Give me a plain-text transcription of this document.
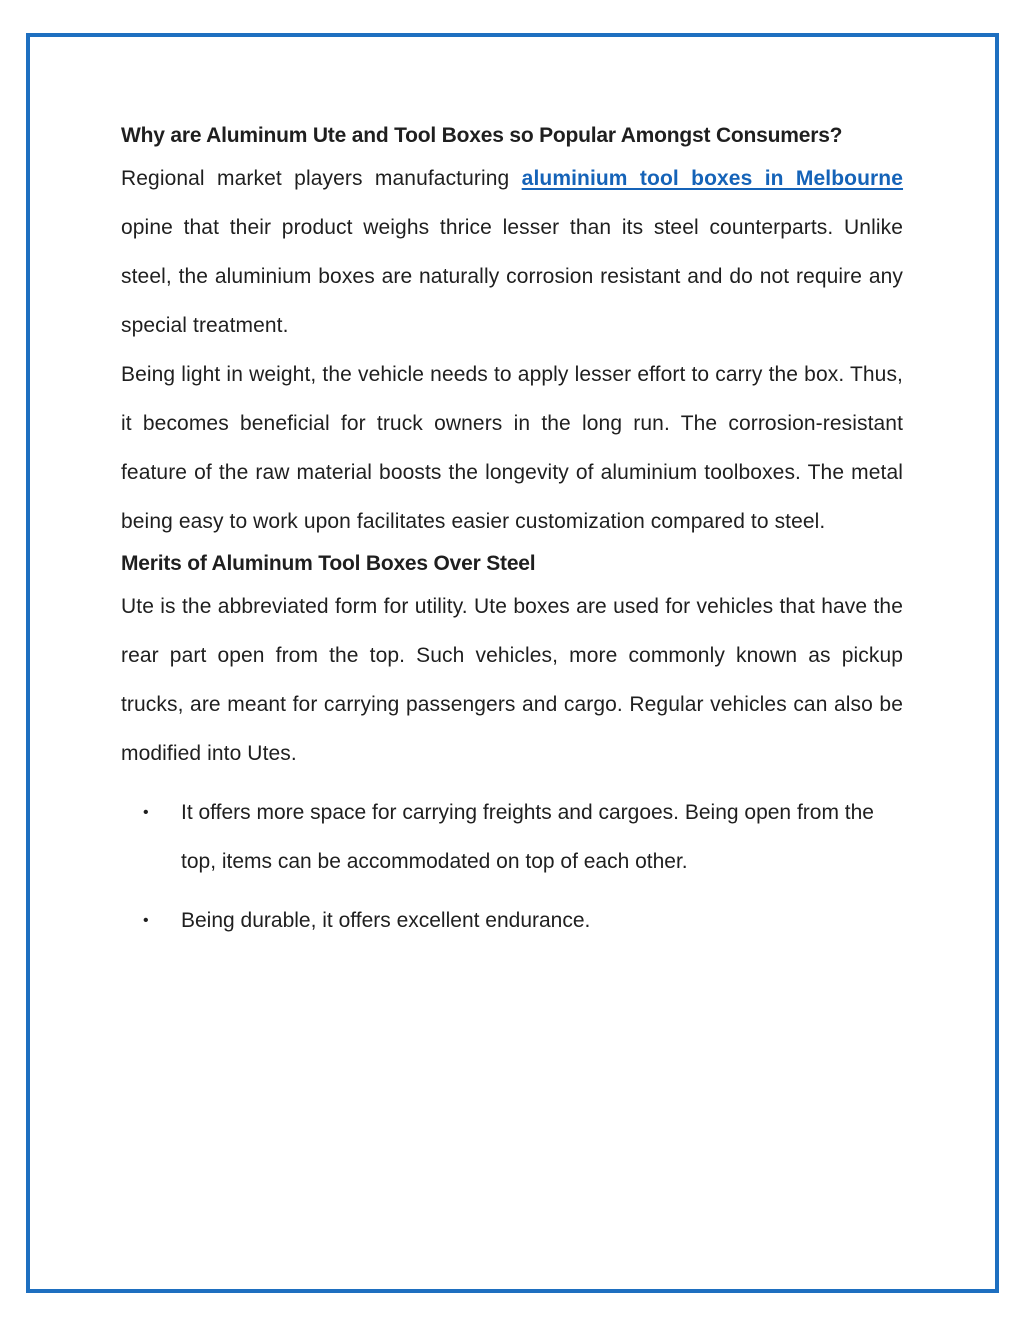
Why are Aluminum Ute and Tool Boxes so Popular Amongst Consumers?

Regional market players manufacturing aluminium tool boxes in Melbourne opine that their product weighs thrice lesser than its steel counterparts. Unlike steel, the aluminium boxes are naturally corrosion resistant and do not require any special treatment.

Being light in weight, the vehicle needs to apply lesser effort to carry the box. Thus, it becomes beneficial for truck owners in the long run. The corrosion-resistant feature of the raw material boosts the longevity of aluminium toolboxes. The metal being easy to work upon facilitates easier customization compared to steel.

Merits of Aluminum Tool Boxes Over Steel

Ute is the abbreviated form for utility. Ute boxes are used for vehicles that have the rear part open from the top. Such vehicles, more commonly known as pickup trucks, are meant for carrying passengers and cargo. Regular vehicles can also be modified into Utes.

• It offers more space for carrying freights and cargoes. Being open from the top, items can be accommodated on top of each other.
• Being durable, it offers excellent endurance.
